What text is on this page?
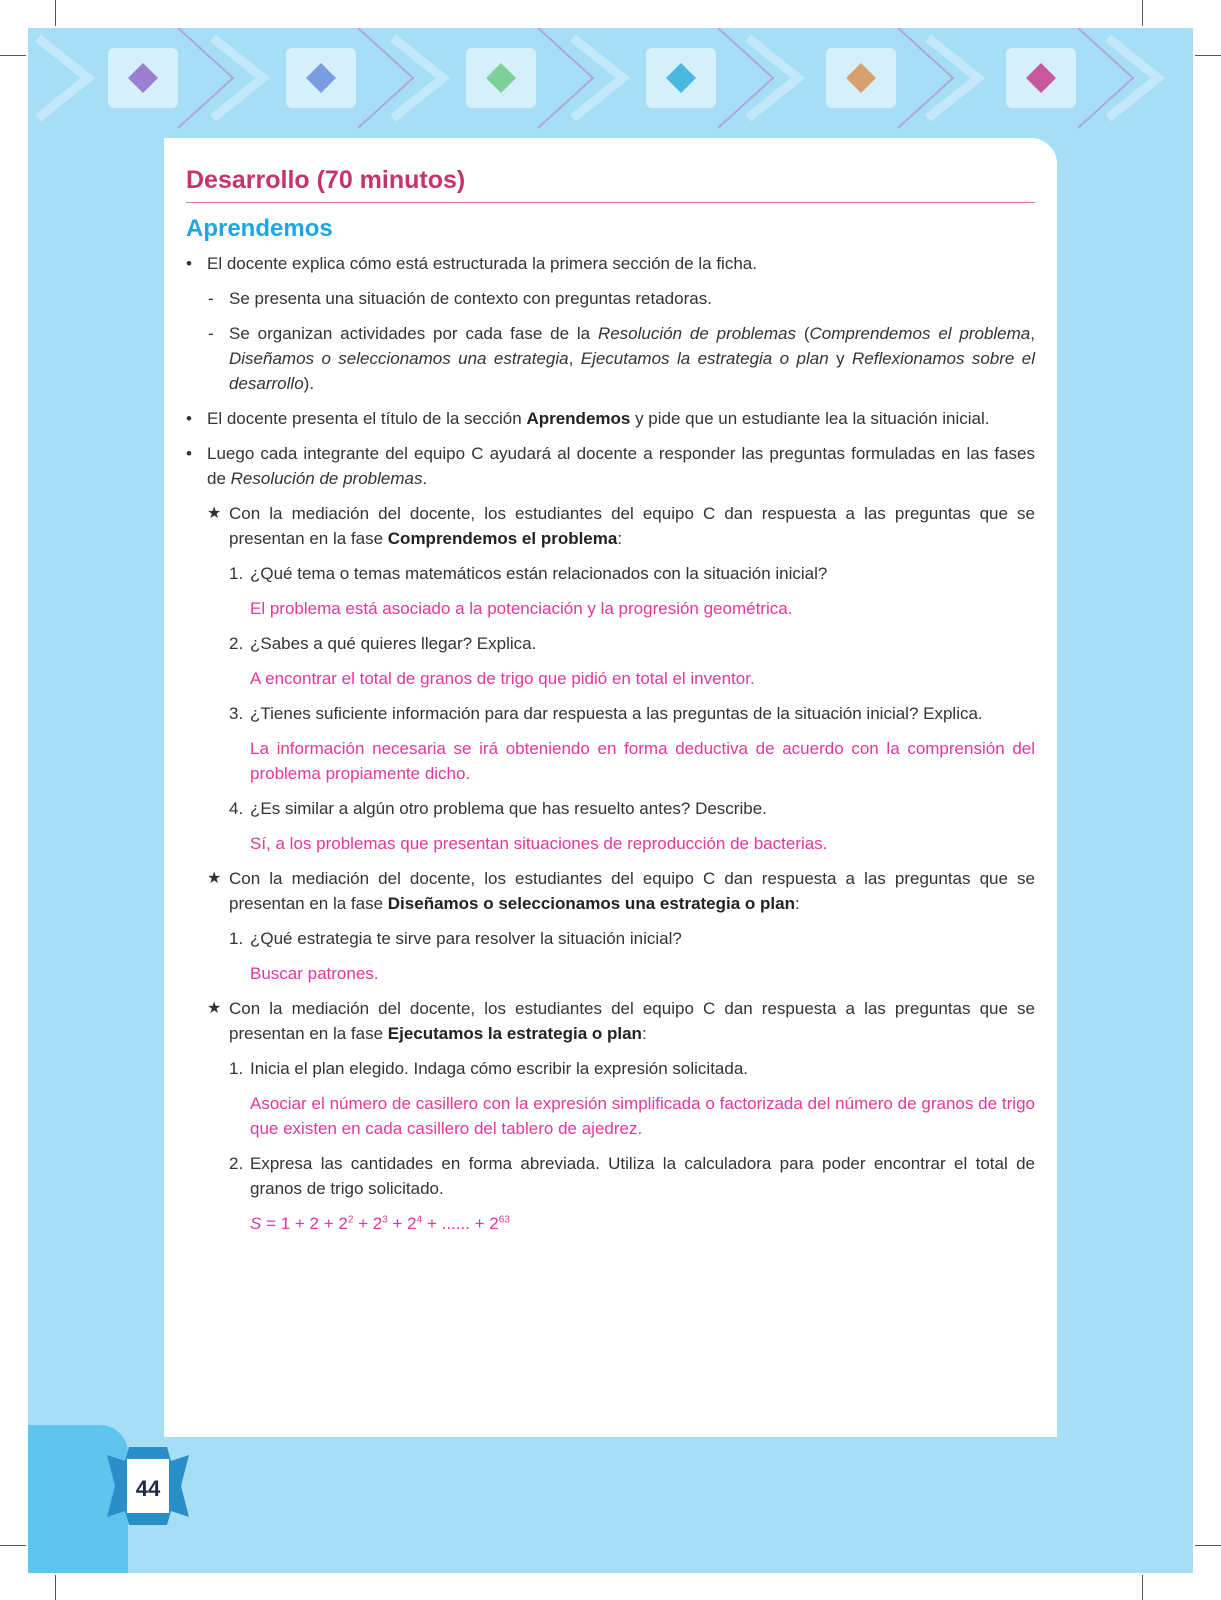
Desarrollo (70 minutos)
Aprendemos

• El docente explica cómo está estructurada la primera sección de la ficha.

- Se presenta una situación de contexto con preguntas retadoras.

- Se organizan actividades por cada fase de la Resolución de problemas (Comprendemos el problema, Diseñamos o seleccionamos una estrategia, Ejecutamos la estrategia o plan y Reflexionamos sobre el desarrollo).

• El docente presenta el título de la sección Aprendemos y pide que un estudiante lea la situación inicial.

• Luego cada integrante del equipo C ayudará al docente a responder las preguntas formuladas en las fases de Resolución de problemas.

★ Con la mediación del docente, los estudiantes del equipo C dan respuesta a las preguntas que se presentan en la fase Comprendemos el problema:

1. ¿Qué tema o temas matemáticos están relacionados con la situación inicial?

El problema está asociado a la potenciación y la progresión geométrica.

2. ¿Sabes a qué quieres llegar? Explica.

A encontrar el total de granos de trigo que pidió en total el inventor.

3. ¿Tienes suficiente información para dar respuesta a las preguntas de la situación inicial? Explica.

La información necesaria se irá obteniendo en forma deductiva de acuerdo con la comprensión del problema propiamente dicho.

4. ¿Es similar a algún otro problema que has resuelto antes? Describe.

Sí, a los problemas que presentan situaciones de reproducción de bacterias.

★ Con la mediación del docente, los estudiantes del equipo C dan respuesta a las preguntas que se presentan en la fase Diseñamos o seleccionamos una estrategia o plan:

1. ¿Qué estrategia te sirve para resolver la situación inicial?

Buscar patrones.

★ Con la mediación del docente, los estudiantes del equipo C dan respuesta a las preguntas que se presentan en la fase Ejecutamos la estrategia o plan:

1. Inicia el plan elegido. Indaga cómo escribir la expresión solicitada.

Asociar el número de casillero con la expresión simplificada o factorizada del número de granos de trigo que existen en cada casillero del tablero de ajedrez.

2. Expresa las cantidades en forma abreviada. Utiliza la calculadora para poder encontrar el total de granos de trigo solicitado.

$S = 1 + 2 + 2^2 + 2^3 + 2^4$ + ...... + $2^{63}$

44
